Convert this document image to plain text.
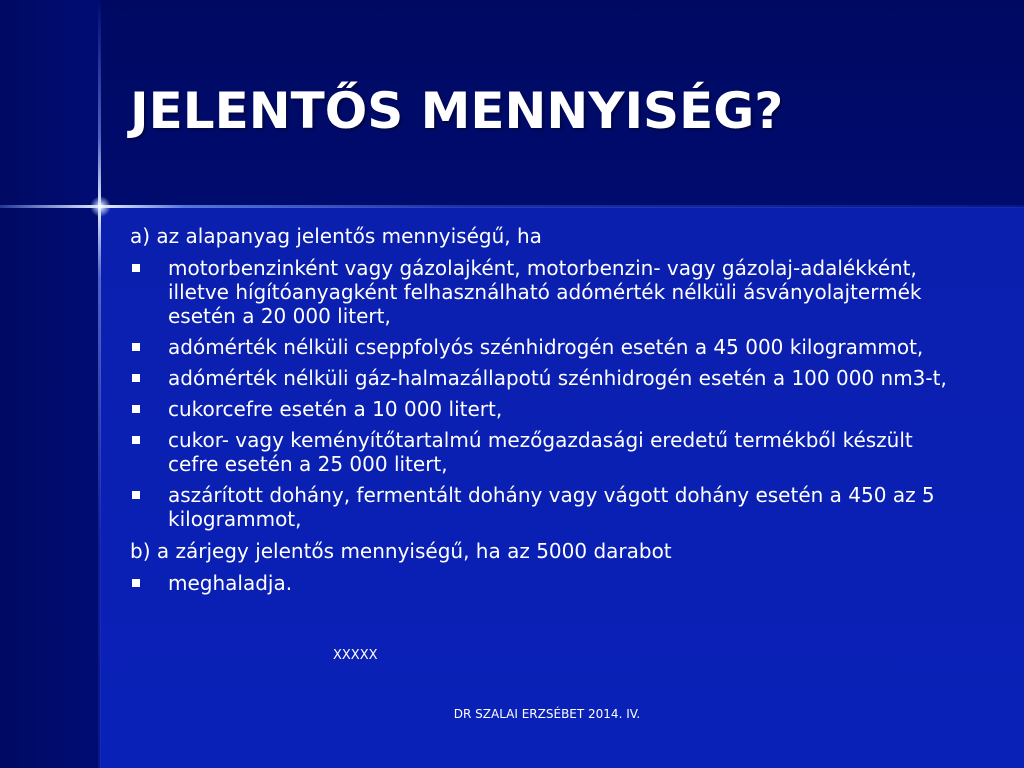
JELENTŐS MENNYISÉG?

a) az alapanyag jelentős mennyiségű, ha

motorbenzinként vagy gázolajként, motorbenzin- vagy gázolaj-adalékként, illetve hígítóanyagként felhasználható adómérték nélküli ásványolajtermék esetén a 20 000 litert,
adómérték nélküli cseppfolyós szénhidrogén esetén a 45 000 kilogrammot,
adómérték nélküli gáz-halmazállapotú szénhidrogén esetén a 100 000 nm3-t,
cukorcefre esetén a 10 000 litert,
cukor- vagy keményítőtartalmú mezőgazdasági eredetű termékből készült cefre esetén a 25 000 litert,
aszárított dohány, fermentált dohány vagy vágott dohány esetén a 450 az 5 kilogrammot,

b) a zárjegy jelentős mennyiségű, ha az 5000 darabot

meghaladja.
XXXXX
DR SZALAI ERZSÉBET 2014. IV.
